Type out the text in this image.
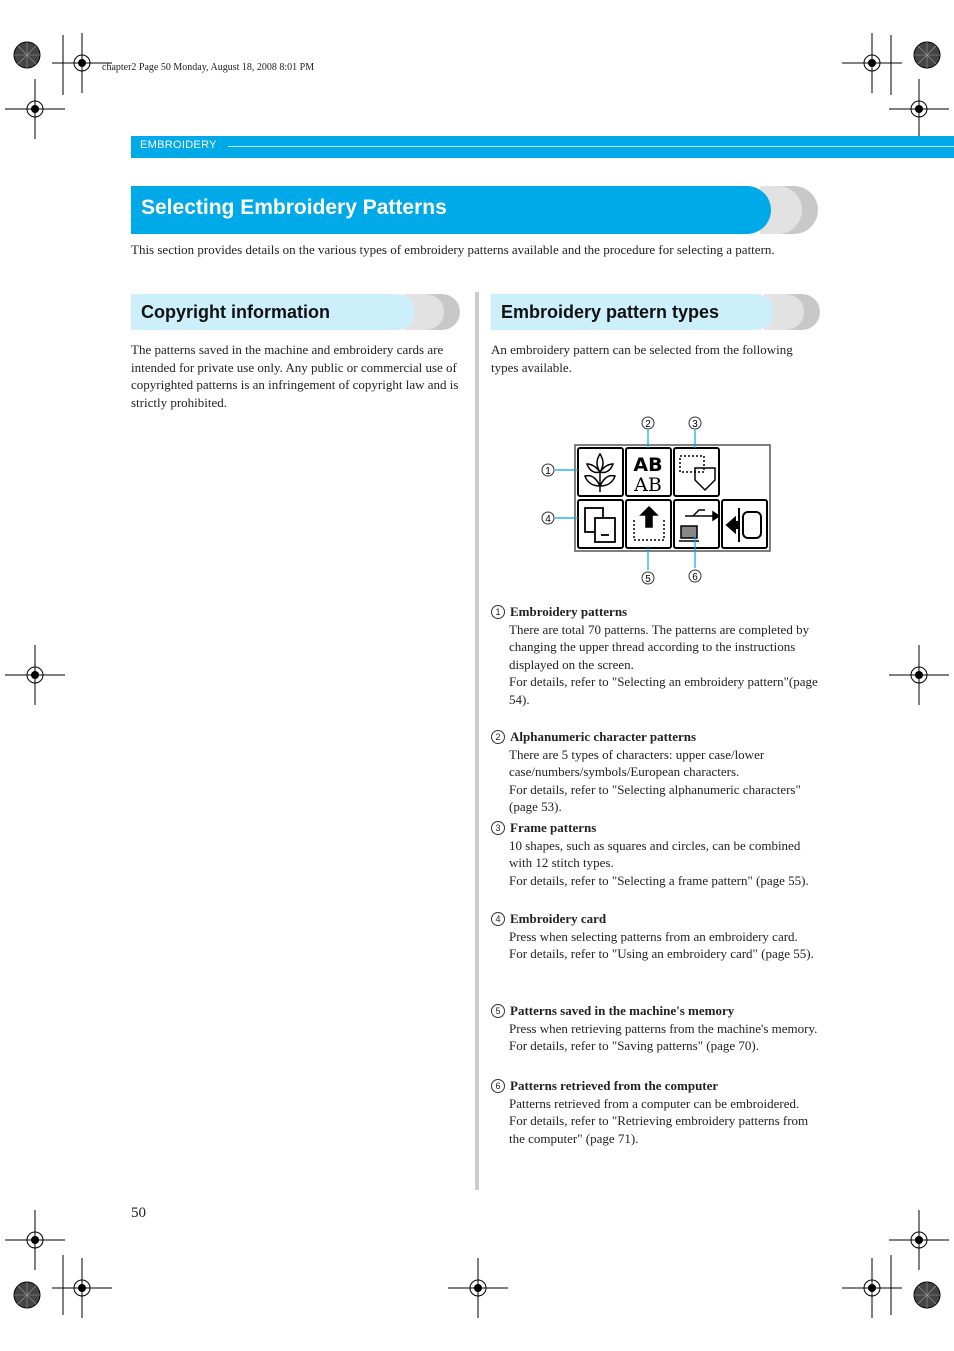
chapter2 Page 50 Monday, August 18, 2008 8:01 PM
EMBROIDERY
Selecting Embroidery Patterns
This section provides details on the various types of embroidery patterns available and the procedure for selecting a pattern.
Copyright information
The patterns saved in the machine and embroidery cards are intended for private use only. Any public or commercial use of copyrighted patterns is an infringement of copyright law and is strictly prohibited.
Embroidery pattern types
An embroidery pattern can be selected from the following types available.
AB
AB
2	3
1
4
5	6
1 Embroidery patterns
There are total 70 patterns. The patterns are completed by changing the upper thread according to the instructions displayed on the screen.
For details, refer to "Selecting an embroidery pattern"(page 54).
2 Alphanumeric character patterns
There are 5 types of characters: upper case/lower case/numbers/symbols/European characters.
For details, refer to "Selecting alphanumeric characters" (page 53).
3 Frame patterns
10 shapes, such as squares and circles, can be combined with 12 stitch types.
For details, refer to "Selecting a frame pattern" (page 55).
4 Embroidery card
Press when selecting patterns from an embroidery card.
For details, refer to "Using an embroidery card" (page 55).
5 Patterns saved in the machine's memory
Press when retrieving patterns from the machine's memory.
For details, refer to "Saving patterns" (page 70).
6 Patterns retrieved from the computer
Patterns retrieved from a computer can be embroidered.
For details, refer to "Retrieving embroidery patterns from the computer" (page 71).
50
